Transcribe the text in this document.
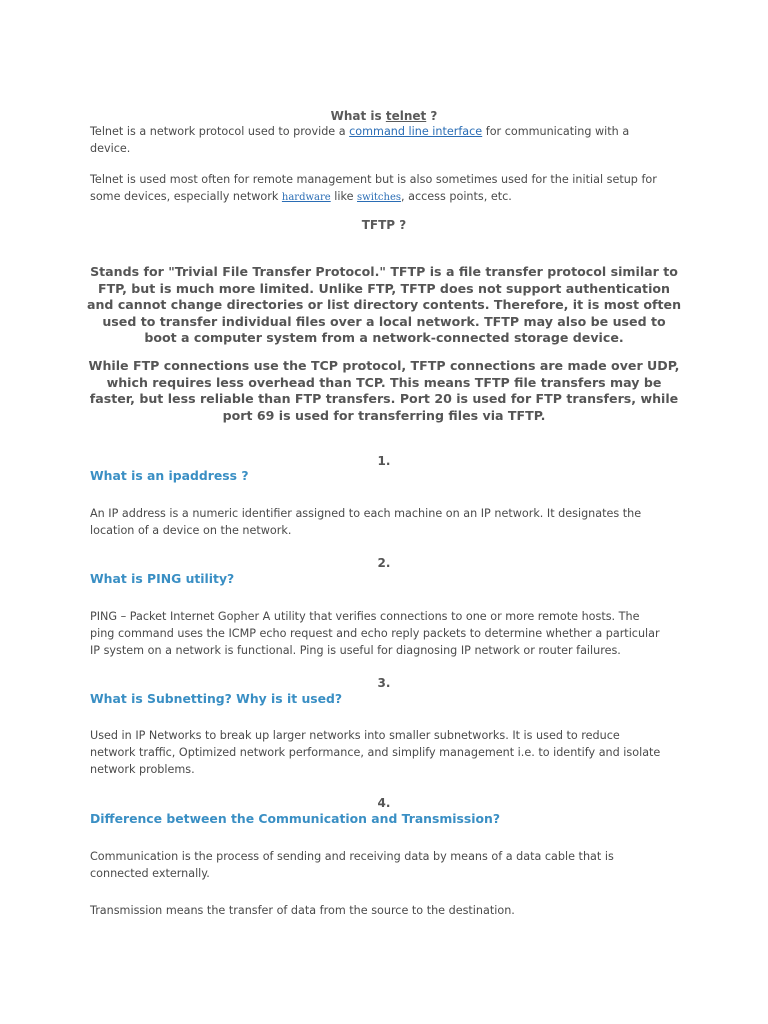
What is telnet ?
Telnet is a network protocol used to provide a command line interface for communicating with a device.
Telnet is used most often for remote management but is also sometimes used for the initial setup for some devices, especially network hardware like switches, access points, etc.
TFTP ?
Stands for "Trivial File Transfer Protocol." TFTP is a file transfer protocol similar to FTP, but is much more limited. Unlike FTP, TFTP does not support authentication and cannot change directories or list directory contents. Therefore, it is most often used to transfer individual files over a local network. TFTP may also be used to boot a computer system from a network-connected storage device.
While FTP connections use the TCP protocol, TFTP connections are made over UDP, which requires less overhead than TCP. This means TFTP file transfers may be faster, but less reliable than FTP transfers. Port 20 is used for FTP transfers, while port 69 is used for transferring files via TFTP.
1.
What is an ipaddress ?
An IP address is a numeric identifier assigned to each machine on an IP network. It designates the location of a device on the network.
2.
What is PING utility?
PING – Packet Internet Gopher A utility that verifies connections to one or more remote hosts. The ping command uses the ICMP echo request and echo reply packets to determine whether a particular IP system on a network is functional. Ping is useful for diagnosing IP network or router failures.
3.
What is Subnetting? Why is it used?
Used in IP Networks to break up larger networks into smaller subnetworks. It is used to reduce network traffic, Optimized network performance, and simplify management i.e. to identify and isolate network problems.
4.
Difference between the Communication and Transmission?
Communication is the process of sending and receiving data by means of a data cable that is connected externally.
Transmission means the transfer of data from the source to the destination.
